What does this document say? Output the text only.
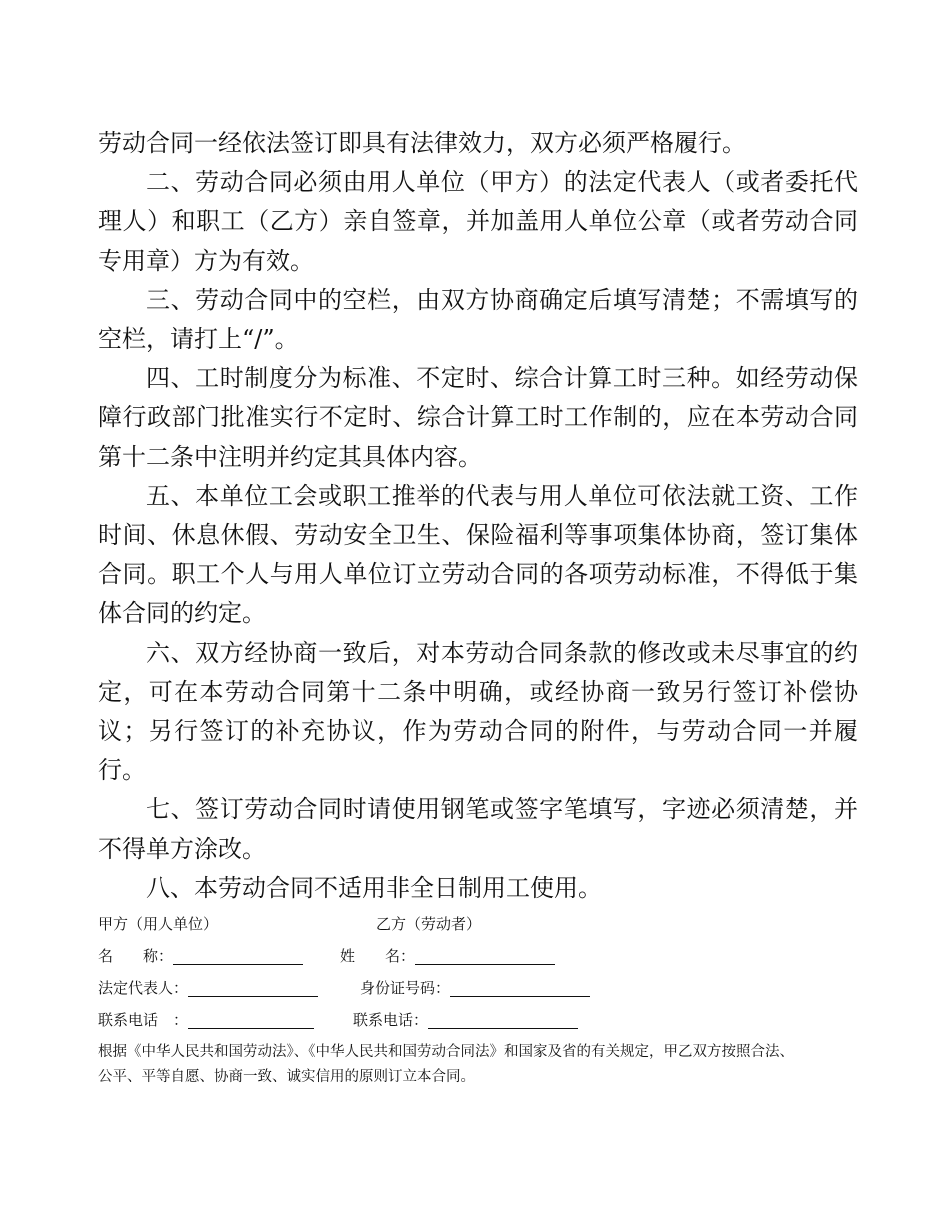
劳动合同一经依法签订即具有法律效力，双方必须严格履行。

二、劳动合同必须由用人单位（甲方）的法定代表人（或者委托代理人）和职工（乙方）亲自签章，并加盖用人单位公章（或者劳动合同专用章）方为有效。

三、劳动合同中的空栏，由双方协商确定后填写清楚；不需填写的空栏，请打上“/”。

四、工时制度分为标准、不定时、综合计算工时三种。如经劳动保障行政部门批准实行不定时、综合计算工时工作制的，应在本劳动合同第十二条中注明并约定其具体内容。

五、本单位工会或职工推举的代表与用人单位可依法就工资、工作时间、休息休假、劳动安全卫生、保险福利等事项集体协商，签订集体合同。职工个人与用人单位订立劳动合同的各项劳动标准，不得低于集体合同的约定。

六、双方经协商一致后，对本劳动合同条款的修改或未尽事宜的约定，可在本劳动合同第十二条中明确，或经协商一致另行签订补偿协议；另行签订的补充协议，作为劳动合同的附件，与劳动合同一并履行。

七、签订劳动合同时请使用钢笔或签字笔填写，字迹必须清楚，并不得单方涂改。

八、本劳动合同不适用非全日制用工使用。

甲方（用人单位）	乙方（劳动者）
名　　称：	姓　　名：
法定代表人：	身份证号码：
联系电话　：	联系电话：

根据《中华人民共和国劳动法》、《中华人民共和国劳动合同法》和国家及省的有关规定，甲乙双方按照合法、

公平、平等自愿、协商一致、诚实信用的原则订立本合同。
